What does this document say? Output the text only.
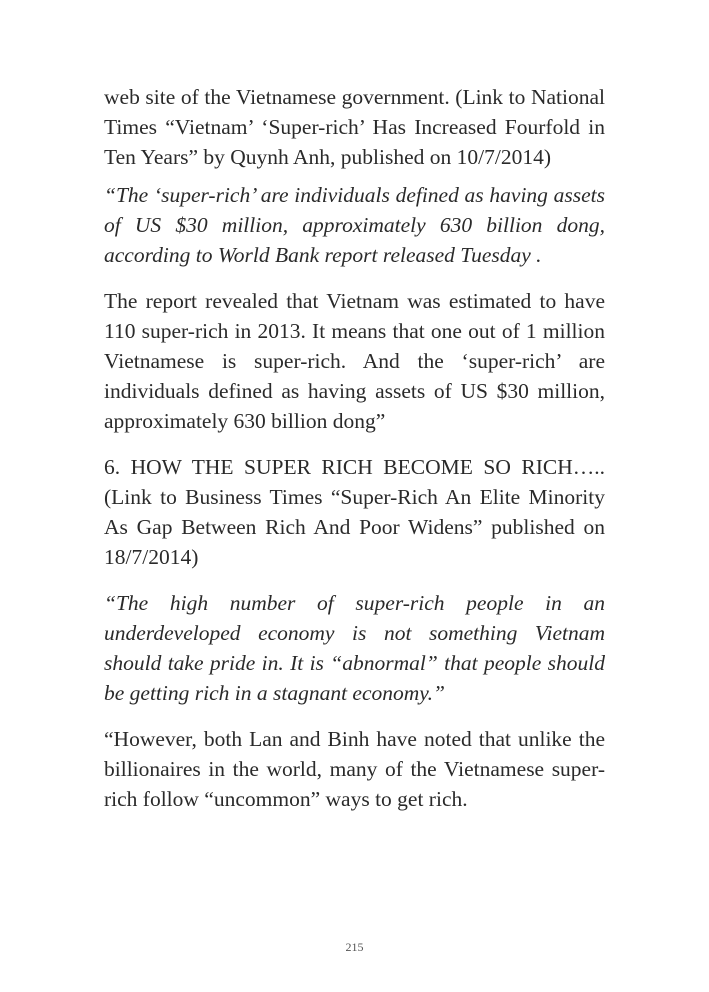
web site of the Vietnamese government. (Link to National Times “Vietnam’ ‘Super-rich’ Has Increased Fourfold in Ten Years” by Quynh Anh, published on 10/7/2014)

“The ‘super-rich’ are individuals defined as having assets of US $30 million, approximately 630 billion dong, according to World Bank report released Tuesday .

The report revealed that Vietnam was estimated to have 110 super-rich in 2013. It means that one out of 1 million Vietnamese is super-rich. And the ‘super-rich’ are individuals defined as having assets of US $30 million, approximately 630 billion dong”

6. HOW THE SUPER RICH BECOME SO RICH….. (Link to Business Times “Super-Rich An Elite Minority As Gap Between Rich And Poor Widens” published on 18/7/2014)

“The high number of super-rich people in an underdeveloped economy is not something Vietnam should take pride in. It is “abnormal” that people should be getting rich in a stagnant economy.”

“However, both Lan and Binh have noted that unlike the billionaires in the world, many of the Vietnamese super-rich follow “uncommon” ways to get rich.

215
